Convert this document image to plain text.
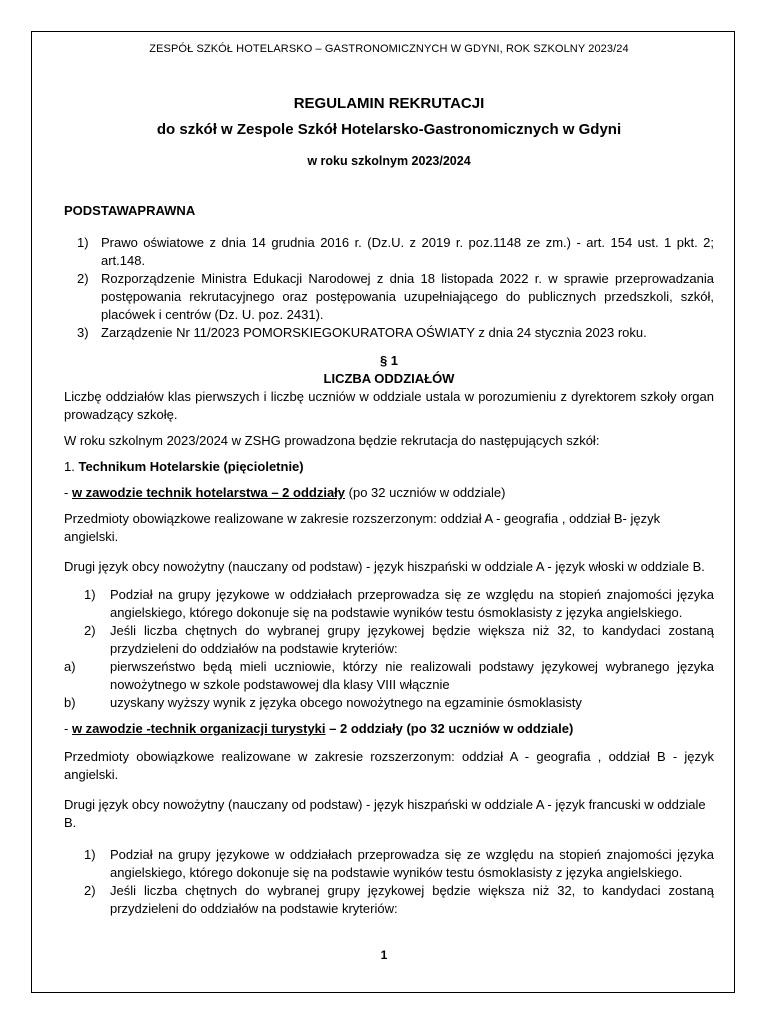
ZESPÓŁ SZKÓŁ HOTELARSKO – GASTRONOMICZNYCH W GDYNI, ROK SZKOLNY 2023/24
REGULAMIN REKRUTACJI
do szkół w Zespole Szkół Hotelarsko-Gastronomicznych w Gdyni
w roku szkolnym 2023/2024
PODSTAWAPRAWNA
1) Prawo oświatowe z dnia 14 grudnia 2016 r. (Dz.U. z 2019 r. poz.1148 ze zm.) - art. 154 ust. 1 pkt. 2; art.148.
2) Rozporządzenie Ministra Edukacji Narodowej z dnia 18 listopada 2022 r. w sprawie przeprowadzania postępowania rekrutacyjnego oraz postępowania uzupełniającego do publicznych przedszkoli, szkół, placówek i centrów (Dz. U. poz. 2431).
3) Zarządzenie Nr 11/2023 POMORSKIEGOKURATORA OŚWIATY z dnia 24 stycznia 2023 roku.
§ 1
LICZBA ODDZIAŁÓW
Liczbę oddziałów klas pierwszych i liczbę uczniów w oddziale ustala w porozumieniu z dyrektorem szkoły organ prowadzący szkołę.
W roku szkolnym 2023/2024 w ZSHG prowadzona będzie rekrutacja do następujących szkół:
1. Technikum Hotelarskie (pięcioletnie)
- w zawodzie technik hotelarstwa – 2 oddziały (po 32 uczniów w oddziale)
Przedmioty obowiązkowe realizowane w zakresie rozszerzonym: oddział A - geografia , oddział B- język angielski.
Drugi język obcy nowożytny (nauczany od podstaw) - język hiszpański w oddziale A - język włoski w oddziale B.
1) Podział na grupy językowe w oddziałach przeprowadza się ze względu na stopień znajomości języka angielskiego, którego dokonuje się na podstawie wyników testu ósmoklasisty z języka angielskiego.
2) Jeśli liczba chętnych do wybranej grupy językowej będzie większa niż 32, to kandydaci zostaną przydzieleni do oddziałów na podstawie kryteriów:
a)	pierwszeństwo będą mieli uczniowie, którzy nie realizowali podstawy językowej wybranego języka nowożytnego w szkole podstawowej dla klasy VIII włącznie
b)	uzyskany wyższy wynik z języka obcego nowożytnego na egzaminie ósmoklasisty
- w zawodzie -technik organizacji turystyki – 2 oddziały (po 32 uczniów w oddziale)
Przedmioty obowiązkowe realizowane w zakresie rozszerzonym: oddział A - geografia , oddział B - język angielski.
Drugi język obcy nowożytny (nauczany od podstaw) - język hiszpański w oddziale A - język francuski w oddziale B.
1) Podział na grupy językowe w oddziałach przeprowadza się ze względu na stopień znajomości języka angielskiego, którego dokonuje się na podstawie wyników testu ósmoklasisty z języka angielskiego.
2) Jeśli liczba chętnych do wybranej grupy językowej będzie większa niż 32, to kandydaci zostaną przydzieleni do oddziałów na podstawie kryteriów:
1
